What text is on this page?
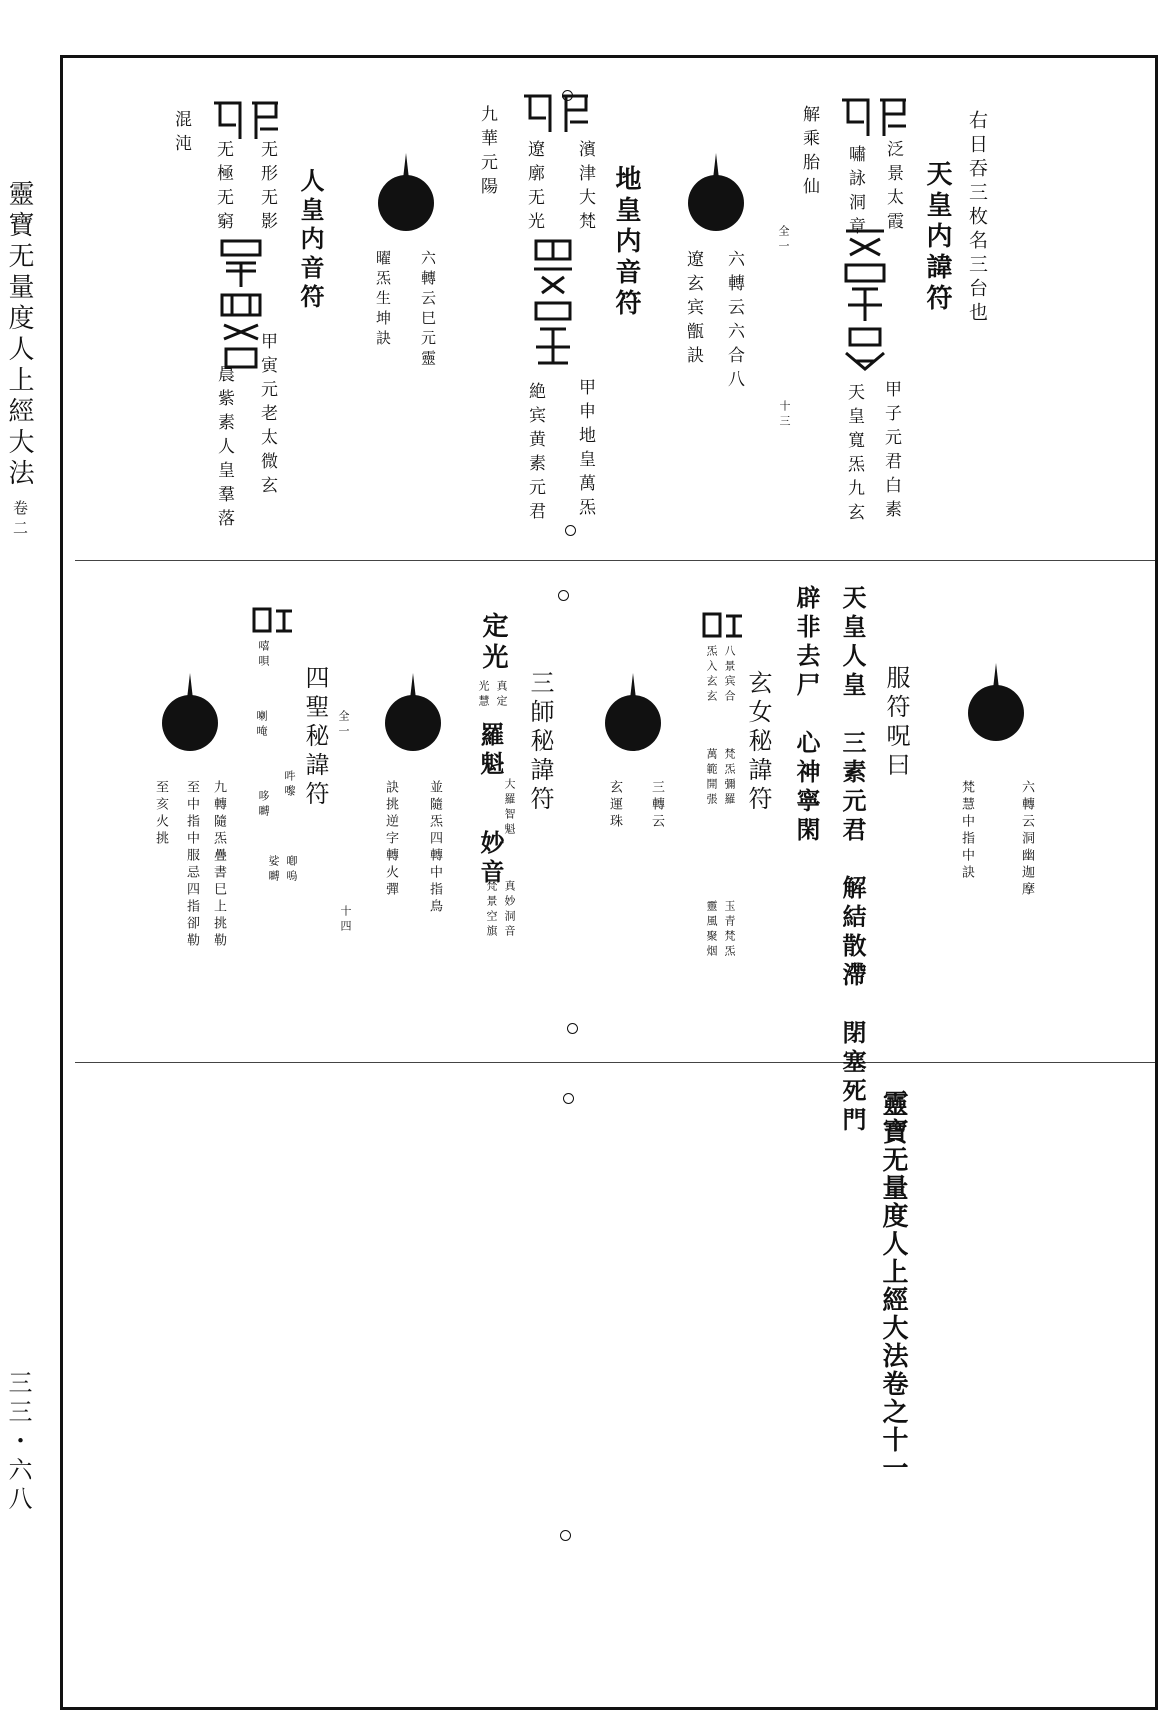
靈寶无量度人上經大法
卷二
三三・六八
右日吞三枚名三台也
天皇内諱符
泛景太霞
嘯詠洞章
解乘胎仙
全一
甲子元君白素
天皇寬炁九玄
六轉云六合八
遼玄宾甑訣
十三
地皇内音符
濱津大梵
遼廓无光
九華元陽
甲申地皇萬炁
絶宾黄素元君
六轉云巳元靈
曜炁生坤訣
人皇内音符
无形无影
无極无窮
混沌
甲寅元老太微玄
晨紫素人皇羣落
六轉云洞幽迦摩
梵慧中指中訣
服符呪曰
天皇人皇　三素元君　解結散滯　閉塞死門
辟非去尸　心神寧閑
玄女秘諱符
八景宾合
炁入玄玄
梵炁彌羅
萬範開張
玉青梵炁
靈風聚烟
三轉云
玄運珠
三師秘諱符
定光
真定
光慧
羅魁
大羅智魁
妙音
真妙洞音
梵景空旗
並隨炁四轉中指鳥
訣挑逆字轉火彈
四聖秘諱符 全一
嘻唄
喇唵
吽嚟
哆嚩
娑嚩 喞嗚
十四
九轉隨炁疊書巳上挑勒
至中指中服忌四指卻勒
至亥火挑
靈寶无量度人上經大法卷之十一
